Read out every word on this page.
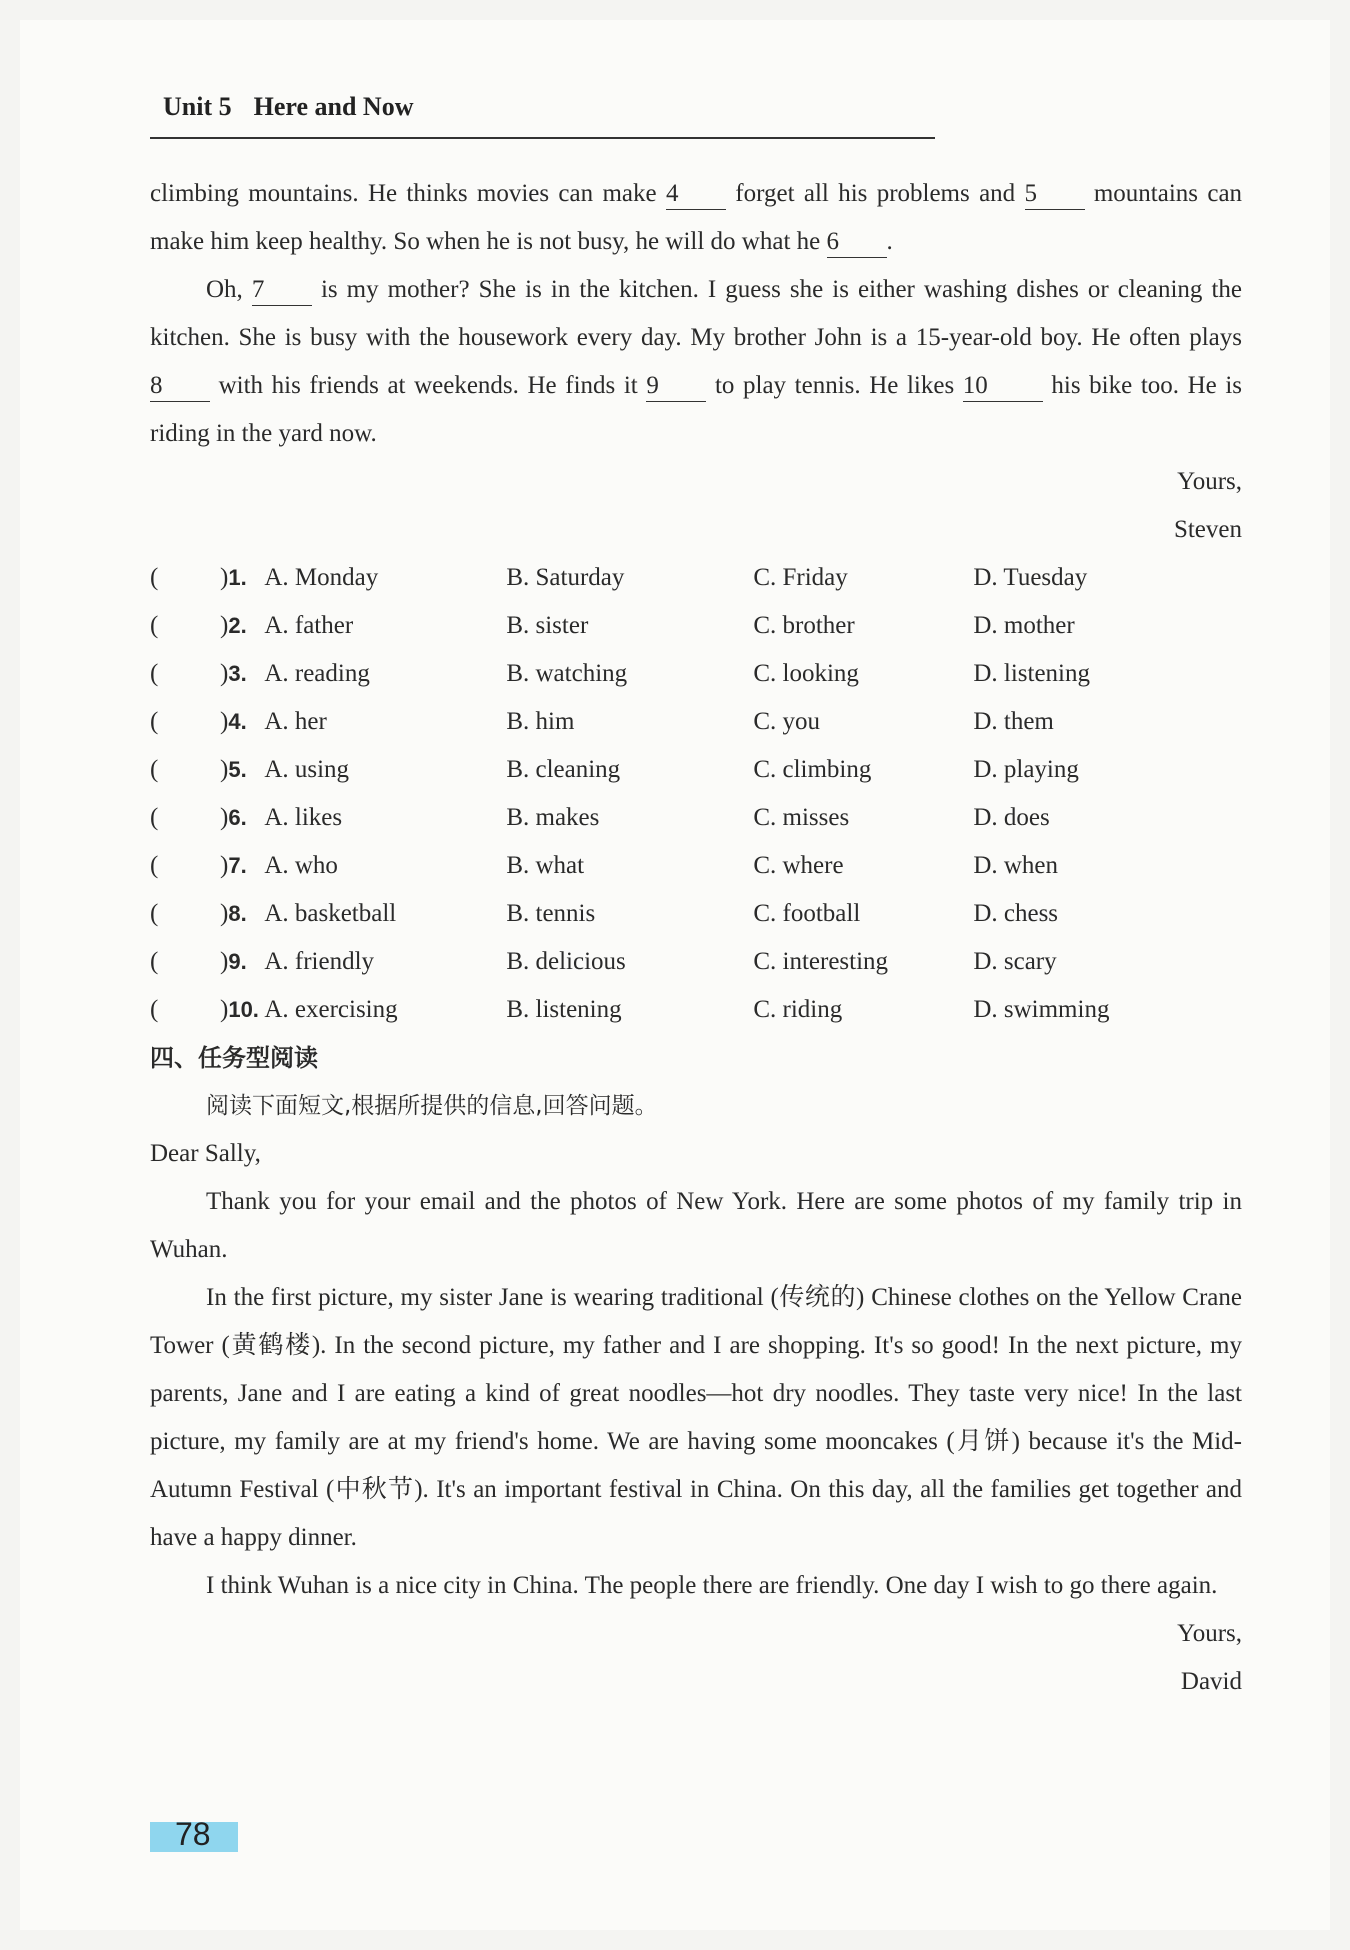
Unit 5 Here and Now

climbing mountains. He thinks movies can make 4 forget all his problems and 5 mountains can make him keep healthy. So when he is not busy, he will do what he 6 .

Oh, 7 is my mother? She is in the kitchen. I guess she is either washing dishes or cleaning the kitchen. She is busy with the housework every day. My brother John is a 15-year-old boy. He often plays 8 with his friends at weekends. He finds it 9 to play tennis. He likes 10	his bike too. He is riding in the yard now.

Yours,

Steven

(	) 1. A. Monday	B. Saturday	C. Friday	D. Tuesday
(	) 2. A. father	B. sister	C. brother	D. mother
(	) 3. A. reading	B. watching	C. looking	D. listening
(	) 4. A. her	B. him	C. you	D. them
(	) 5. A. using	B. cleaning	C. climbing	D. playing
(	) 6. A. likes	B. makes	C. misses	D. does
(	) 7. A. who	B. what	C. where	D. when
(	) 8. A. basketball	B. tennis	C. football	D. chess
(	) 9. A. friendly	B. delicious	C. interesting	D. scary
(	) 10. A. exercising	B. listening	C. riding	D. swimming

四、任务型阅读

阅读下面短文,根据所提供的信息,回答问题。

Dear Sally,

Thank you for your email and the photos of New York. Here are some photos of my family trip in Wuhan.

In the first picture, my sister Jane is wearing traditional (传统的) Chinese clothes on the Yellow Crane Tower (黄鹤楼). In the second picture, my father and I are shopping. It's so good! In the next picture, my parents, Jane and I are eating a kind of great noodles—hot dry noodles. They taste very nice! In the last picture, my family are at my friend's home. We are having some mooncakes (月饼) because it's the Mid-Autumn Festival (中秋节). It's an important festival in China. On this day, all the families get together and have a happy dinner.

I think Wuhan is a nice city in China. The people there are friendly. One day I wish to go there again.

Yours,

David

78
